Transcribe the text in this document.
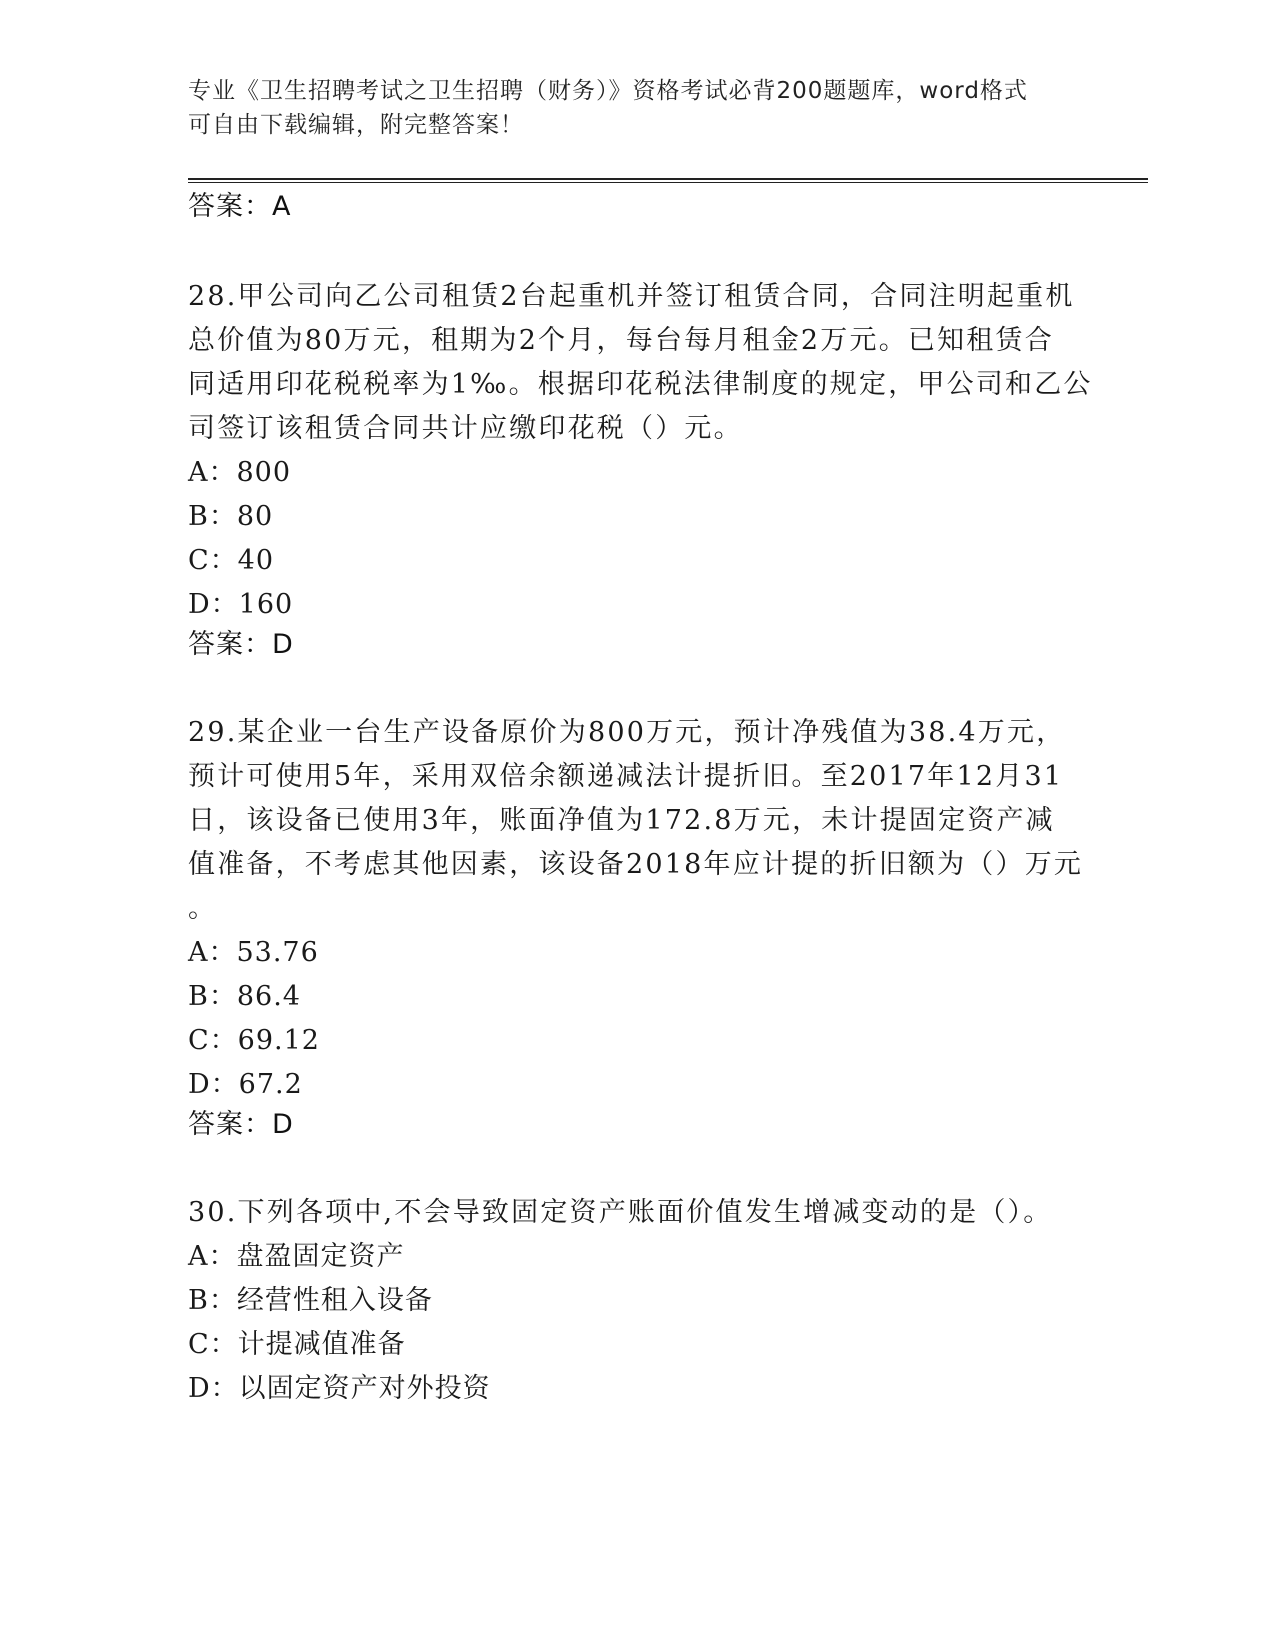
专业《卫生招聘考试之卫生招聘（财务）》资格考试必背200题题库，word格式
可自由下载编辑，附完整答案！
答案：A
28.甲公司向乙公司租赁2台起重机并签订租赁合同，合同注明起重机
总价值为80万元，租期为2个月，每台每月租金2万元。已知租赁合
同适用印花税税率为1‰。根据印花税法律制度的规定，甲公司和乙公
司签订该租赁合同共计应缴印花税（）元。
A：800
B：80
C：40
D：160
答案：D
29.某企业一台生产设备原价为800万元，预计净残值为38.4万元，
预计可使用5年，采用双倍余额递减法计提折旧。至2017年12月31
日，该设备已使用3年，账面净值为172.8万元，未计提固定资产减
值准备，不考虑其他因素，该设备2018年应计提的折旧额为（）万元
。
A：53.76
B：86.4
C：69.12
D：67.2
答案：D
30.下列各项中,不会导致固定资产账面价值发生增减变动的是（）。
A：盘盈固定资产
B：经营性租入设备
C：计提减值准备
D：以固定资产对外投资
